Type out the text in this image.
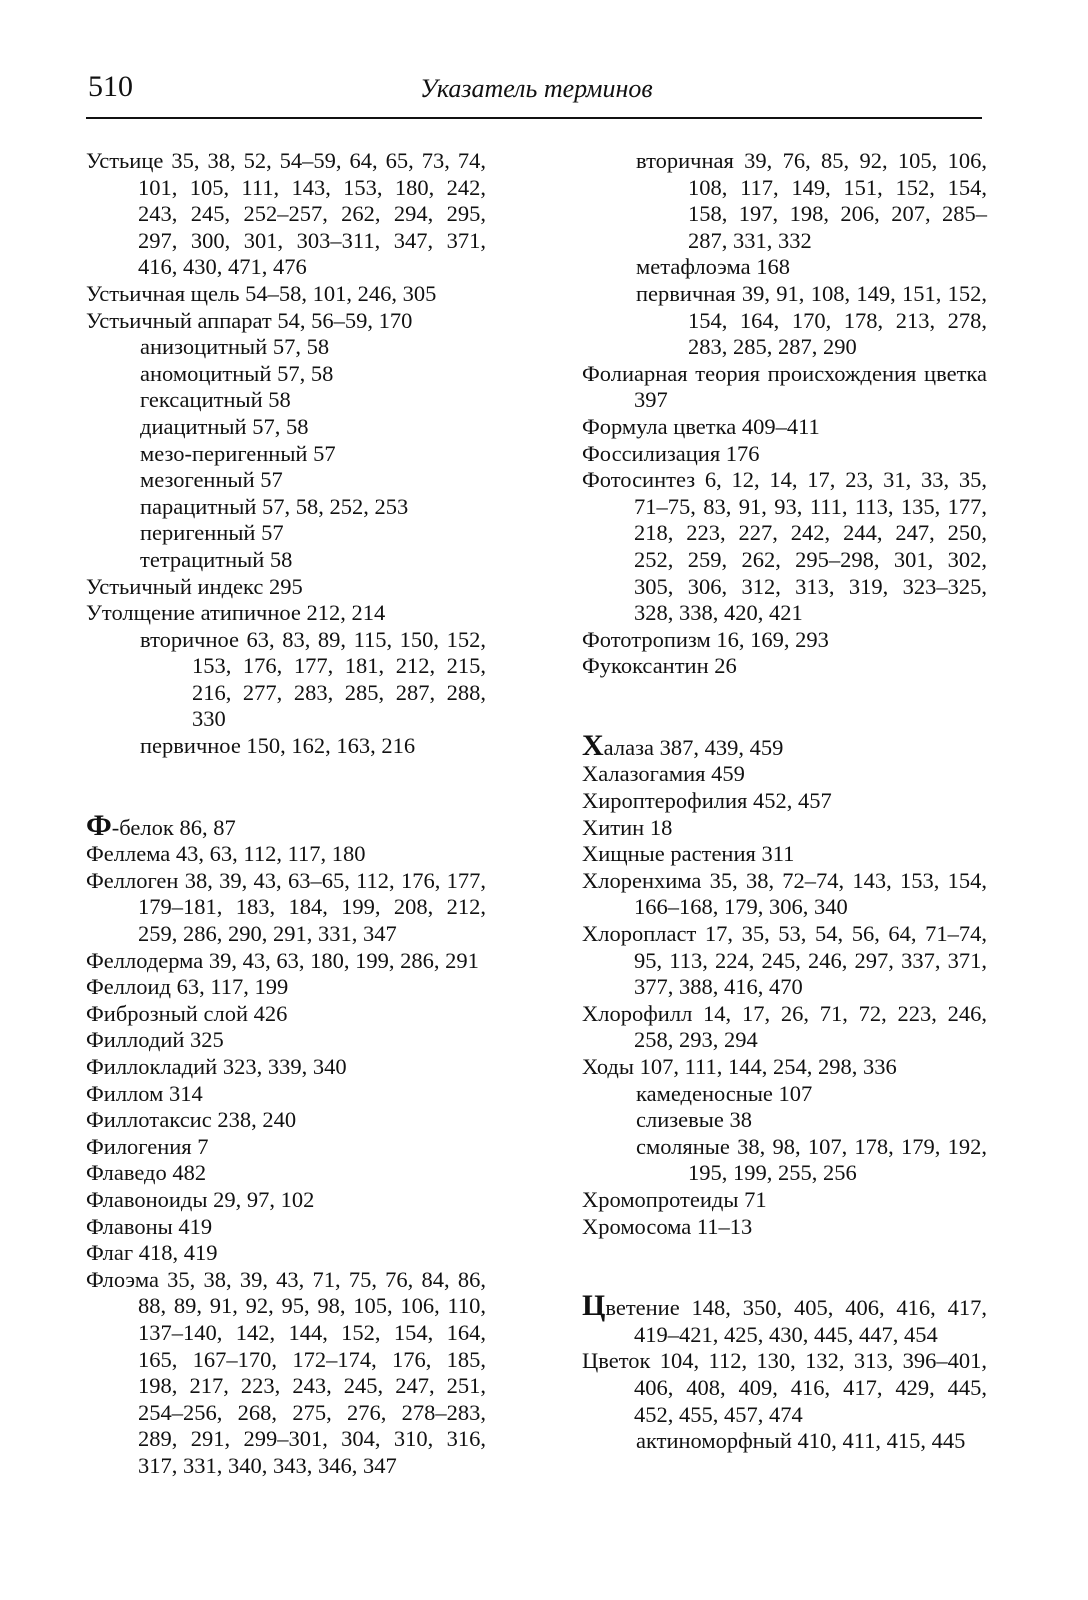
510	Указатель терминов
Устьице 35, 38, 52, 54–59, 64, 65, 73, 74, 101, 105, 111, 143, 153, 180, 242, 243, 245, 252–257, 262, 294, 295, 297, 300, 301, 303–311, 347, 371, 416, 430, 471, 476
Устьичная щель 54–58, 101, 246, 305
Устьичный аппарат 54, 56–59, 170
анизоцитный 57, 58
аномоцитный 57, 58
гексацитный 58
диацитный 57, 58
мезо-перигенный 57
мезогенный 57
парацитный 57, 58, 252, 253
перигенный 57
тетрацитный 58
Устьичный индекс 295
Утолщение атипичное 212, 214
вторичное 63, 83, 89, 115, 150, 152, 153, 176, 177, 181, 212, 215, 216, 277, 283, 285, 287, 288, 330
первичное 150, 162, 163, 216
Ф-белок 86, 87
Феллема 43, 63, 112, 117, 180
Феллоген 38, 39, 43, 63–65, 112, 176, 177, 179–181, 183, 184, 199, 208, 212, 259, 286, 290, 291, 331, 347
Феллодерма 39, 43, 63, 180, 199, 286, 291
Феллоид 63, 117, 199
Фиброзный слой 426
Филлодий 325
Филлокладий 323, 339, 340
Филлом 314
Филлотаксис 238, 240
Филогения 7
Флаведо 482
Флавоноиды 29, 97, 102
Флавоны 419
Флаг 418, 419
Флоэма 35, 38, 39, 43, 71, 75, 76, 84, 86, 88, 89, 91, 92, 95, 98, 105, 106, 110, 137–140, 142, 144, 152, 154, 164, 165, 167–170, 172–174, 176, 185, 198, 217, 223, 243, 245, 247, 251, 254–256, 268, 275, 276, 278–283, 289, 291, 299–301, 304, 310, 316, 317, 331, 340, 343, 346, 347
вторичная 39, 76, 85, 92, 105, 106, 108, 117, 149, 151, 152, 154, 158, 197, 198, 206, 207, 285–287, 331, 332
метафлоэма 168
первичная 39, 91, 108, 149, 151, 152, 154, 164, 170, 178, 213, 278, 283, 285, 287, 290
Фолиарная теория происхождения цветка 397
Формула цветка 409–411
Фоссилизация 176
Фотосинтез 6, 12, 14, 17, 23, 31, 33, 35, 71–75, 83, 91, 93, 111, 113, 135, 177, 218, 223, 227, 242, 244, 247, 250, 252, 259, 262, 295–298, 301, 302, 305, 306, 312, 313, 319, 323–325, 328, 338, 420, 421
Фототропизм 16, 169, 293
Фукоксантин 26
Халаза 387, 439, 459
Халазогамия 459
Хироптерофилия 452, 457
Хитин 18
Хищные растения 311
Хлоренхима 35, 38, 72–74, 143, 153, 154, 166–168, 179, 306, 340
Хлоропласт 17, 35, 53, 54, 56, 64, 71–74, 95, 113, 224, 245, 246, 297, 337, 371, 377, 388, 416, 470
Хлорофилл 14, 17, 26, 71, 72, 223, 246, 258, 293, 294
Ходы 107, 111, 144, 254, 298, 336
камеденосные 107
слизевые 38
смоляные 38, 98, 107, 178, 179, 192, 195, 199, 255, 256
Хромопротеиды 71
Хромосома 11–13
Цветение 148, 350, 405, 406, 416, 417, 419–421, 425, 430, 445, 447, 454
Цветок 104, 112, 130, 132, 313, 396–401, 406, 408, 409, 416, 417, 429, 445, 452, 455, 457, 474
актиноморфный 410, 411, 415, 445
